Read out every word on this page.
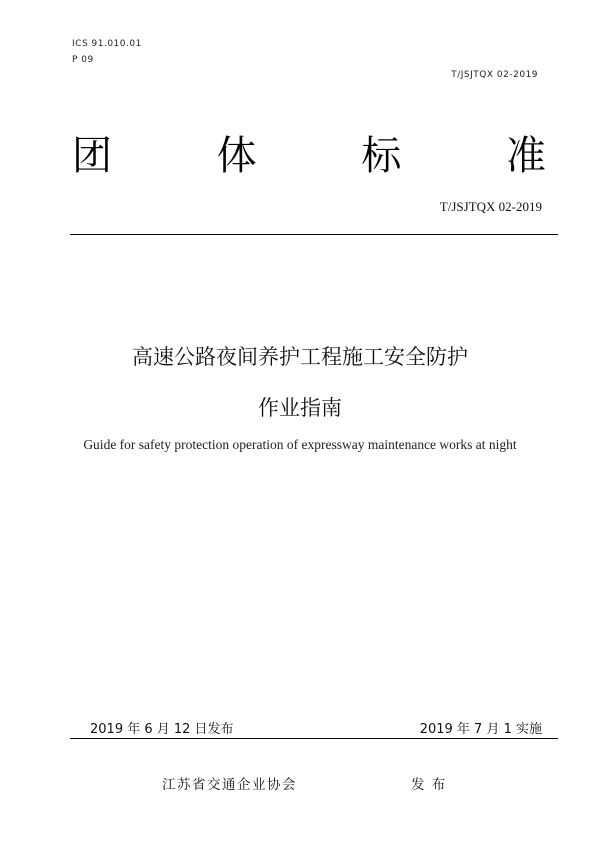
ICS 91.010.01
P 09
T/JSJTQX 02-2019
团	体	标	准
T/JSJTQX 02-2019
高速公路夜间养护工程施工安全防护
作业指南
Guide for safety protection operation of expressway maintenance works at night
2019 年 6 月 12 日发布	2019 年 7 月 1 实施
江苏省交通企业协会	发 布
